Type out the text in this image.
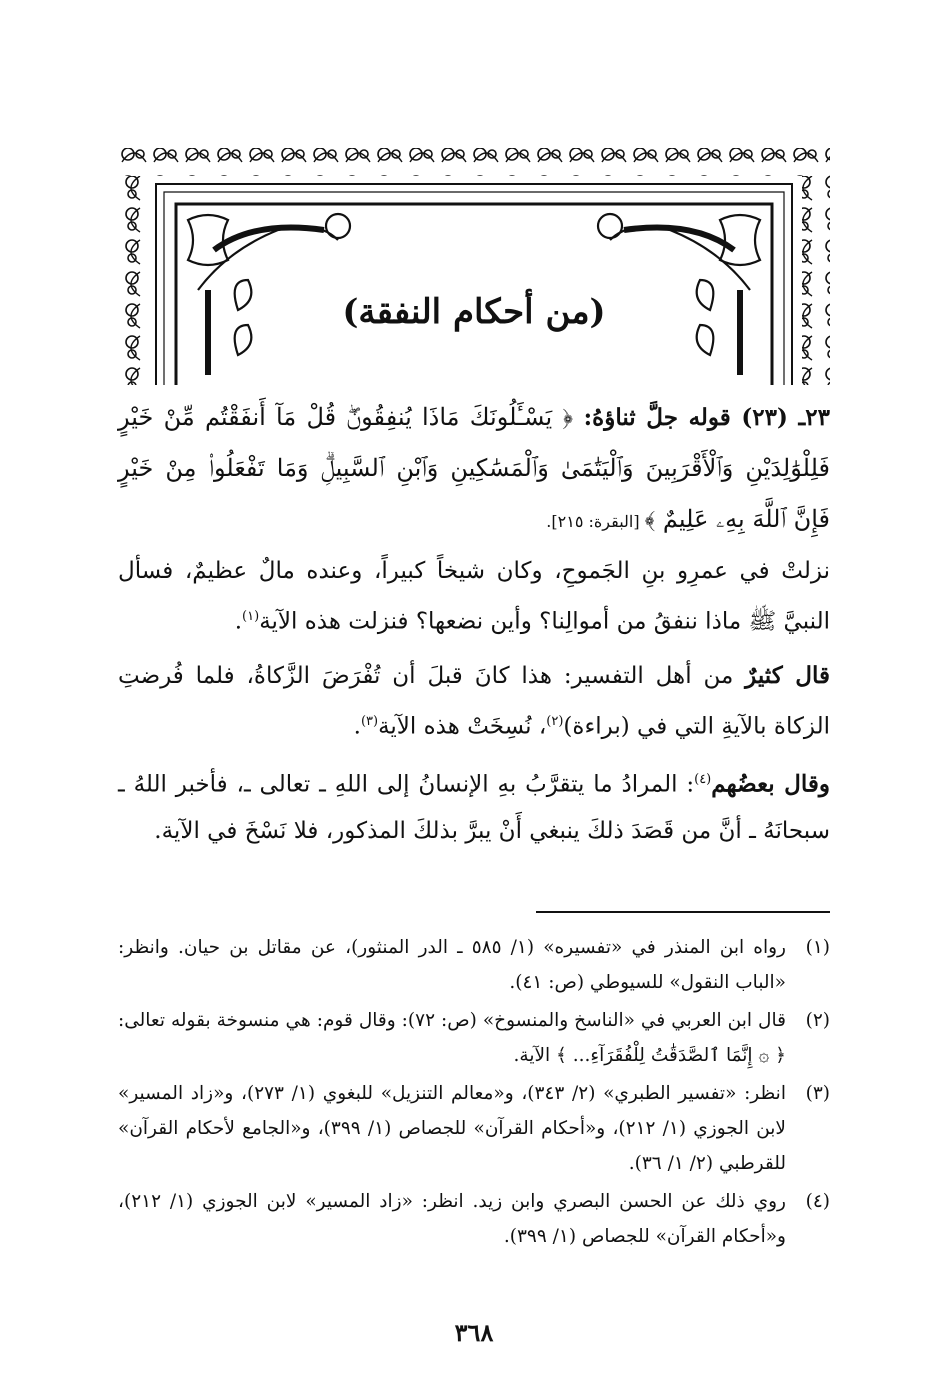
(من أحكام النفقة)
٢٣ـ (٢٣) قوله جلَّ ثناؤهُ: ﴿ يَسْـَٔلُونَكَ مَاذَا يُنفِقُونَۖ قُلْ مَآ أَنفَقْتُم مِّنْ خَيْرٍ فَلِلْوَٰلِدَيْنِ وَٱلْأَقْرَبِينَ وَٱلْيَتَٰمَىٰ وَٱلْمَسَٰكِينِ وَٱبْنِ ٱلسَّبِيلِۗ وَمَا تَفْعَلُوا۟ مِنْ خَيْرٍ فَإِنَّ ٱللَّهَ بِهِۦ عَلِيمٌ ﴾ [البقرة: ٢١٥].

نزلتْ في عمرِو بنِ الجَموحِ، وكان شيخاً كبيراً، وعنده مالٌ عظيمٌ، فسأل النبيَّ ﷺ ماذا ننفقُ من أموالِنا؟ وأين نضعها؟ فنزلت هذه الآية$^{(١)}$.

قال كثيرٌ من أهل التفسير: هذا كانَ قبلَ أن تُفْرَضَ الزَّكاةُ، فلما فُرضتِ الزكاة بالآيةِ التي في (براءة)$^{(٢)}$، نُسِخَتْ هذه الآية$^{(٣)}$.

وقال بعضُهم$^{(٤)}$: المرادُ ما يتقرَّبُ بهِ الإنسانُ إلى اللهِ ـ تعالى ـ، فأخبر اللهُ ـ سبحانَهُ ـ أنَّ من قَصَدَ ذلكَ ينبغي أَنْ يبرَّ بذلكَ المذكور، فلا نَسْخَ في الآية.

(١)
رواه ابن المنذر في «تفسيره» (١/ ٥٨٥ ـ الدر المنثور)، عن مقاتل بن حيان. وانظر: «الباب النقول» للسيوطي (ص: ٤١).
(٢)
قال ابن العربي في «الناسخ والمنسوخ» (ص: ٧٢): وقال قوم: هي منسوخة بقوله تعالى: ﴿ ۞ إِنَّمَا ٱلصَّدَقَٰتُ لِلْفُقَرَآءِ... ﴾ الآية.
(٣)
انظر: «تفسير الطبري» (٢/ ٣٤٣)، و«معالم التنزيل» للبغوي (١/ ٢٧٣)، و«زاد المسير» لابن الجوزي (١/ ٢١٢)، و«أحكام القرآن» للجصاص (١/ ٣٩٩)، و«الجامع لأحكام القرآن» للقرطبي (٢/ ١/ ٣٦).
(٤)
روي ذلك عن الحسن البصري وابن زيد. انظر: «زاد المسير» لابن الجوزي (١/ ٢١٢)، و«أحكام القرآن» للجصاص (١/ ٣٩٩).
٣٦٨
